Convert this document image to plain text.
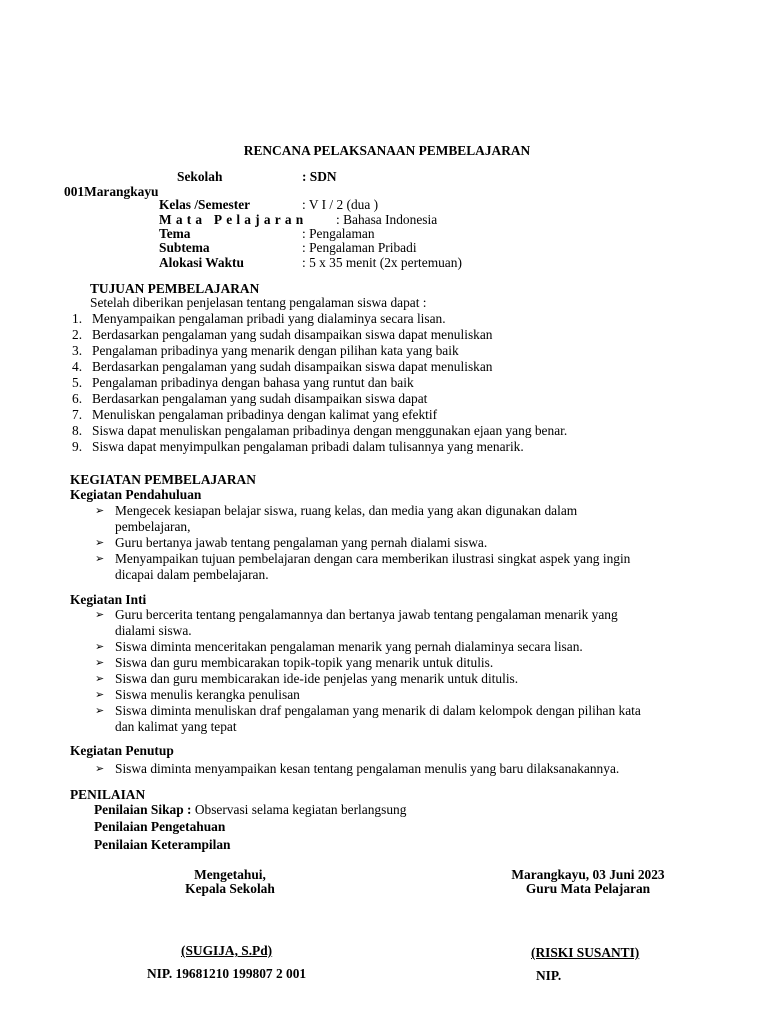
RENCANA PELAKSANAAN PEMBELAJARAN
Sekolah	: SDN
001Marangkayu
Kelas /Semester	: V I / 2 (dua )
Mata Pelajaran : Bahasa Indonesia
Tema	: Pengalaman
Subtema	: Pengalaman Pribadi
Alokasi Waktu	: 5 x 35 menit (2x pertemuan)
TUJUAN PEMBELAJARAN
Setelah diberikan penjelasan tentang pengalaman siswa dapat :
1. Menyampaikan pengalaman pribadi yang dialaminya secara lisan.
2. Berdasarkan pengalaman yang sudah disampaikan siswa dapat menuliskan
3. Pengalaman pribadinya yang menarik dengan pilihan kata yang baik
4. Berdasarkan pengalaman yang sudah disampaikan siswa dapat menuliskan
5. Pengalaman pribadinya dengan bahasa yang runtut dan baik
6. Berdasarkan pengalaman yang sudah disampaikan siswa dapat
7. Menuliskan pengalaman pribadinya dengan kalimat yang efektif
8. Siswa dapat menuliskan pengalaman pribadinya dengan menggunakan ejaan yang benar.
9. Siswa dapat menyimpulkan pengalaman pribadi dalam tulisannya yang menarik.
KEGIATAN PEMBELAJARAN
Kegiatan Pendahuluan
➢ Mengecek kesiapan belajar siswa, ruang kelas, dan media yang akan digunakan dalam
pembelajaran,
➢ Guru bertanya jawab tentang pengalaman yang pernah dialami siswa.
➢ Menyampaikan tujuan pembelajaran dengan cara memberikan ilustrasi singkat aspek yang ingin
dicapai dalam pembelajaran.
Kegiatan Inti
➢ Guru bercerita tentang pengalamannya dan bertanya jawab tentang pengalaman menarik yang
dialami siswa.
➢ Siswa diminta menceritakan pengalaman menarik yang pernah dialaminya secara lisan.
➢ Siswa dan guru membicarakan topik-topik yang menarik untuk ditulis.
➢ Siswa dan guru membicarakan ide-ide penjelas yang menarik untuk ditulis.
➢ Siswa menulis kerangka penulisan
➢ Siswa diminta menuliskan draf pengalaman yang menarik di dalam kelompok dengan pilihan kata
dan kalimat yang tepat
Kegiatan Penutup
➢ Siswa diminta menyampaikan kesan tentang pengalaman menulis yang baru dilaksanakannya.
PENILAIAN
Penilaian Sikap : Observasi selama kegiatan berlangsung
Penilaian Pengetahuan
Penilaian Keterampilan
Mengetahui,
Kepala Sekolah
(SUGIJA, S.Pd)
NIP. 19681210 199807 2 001
Marangkayu, 03 Juni 2023
Guru Mata Pelajaran
(RISKI SUSANTI)
NIP.
